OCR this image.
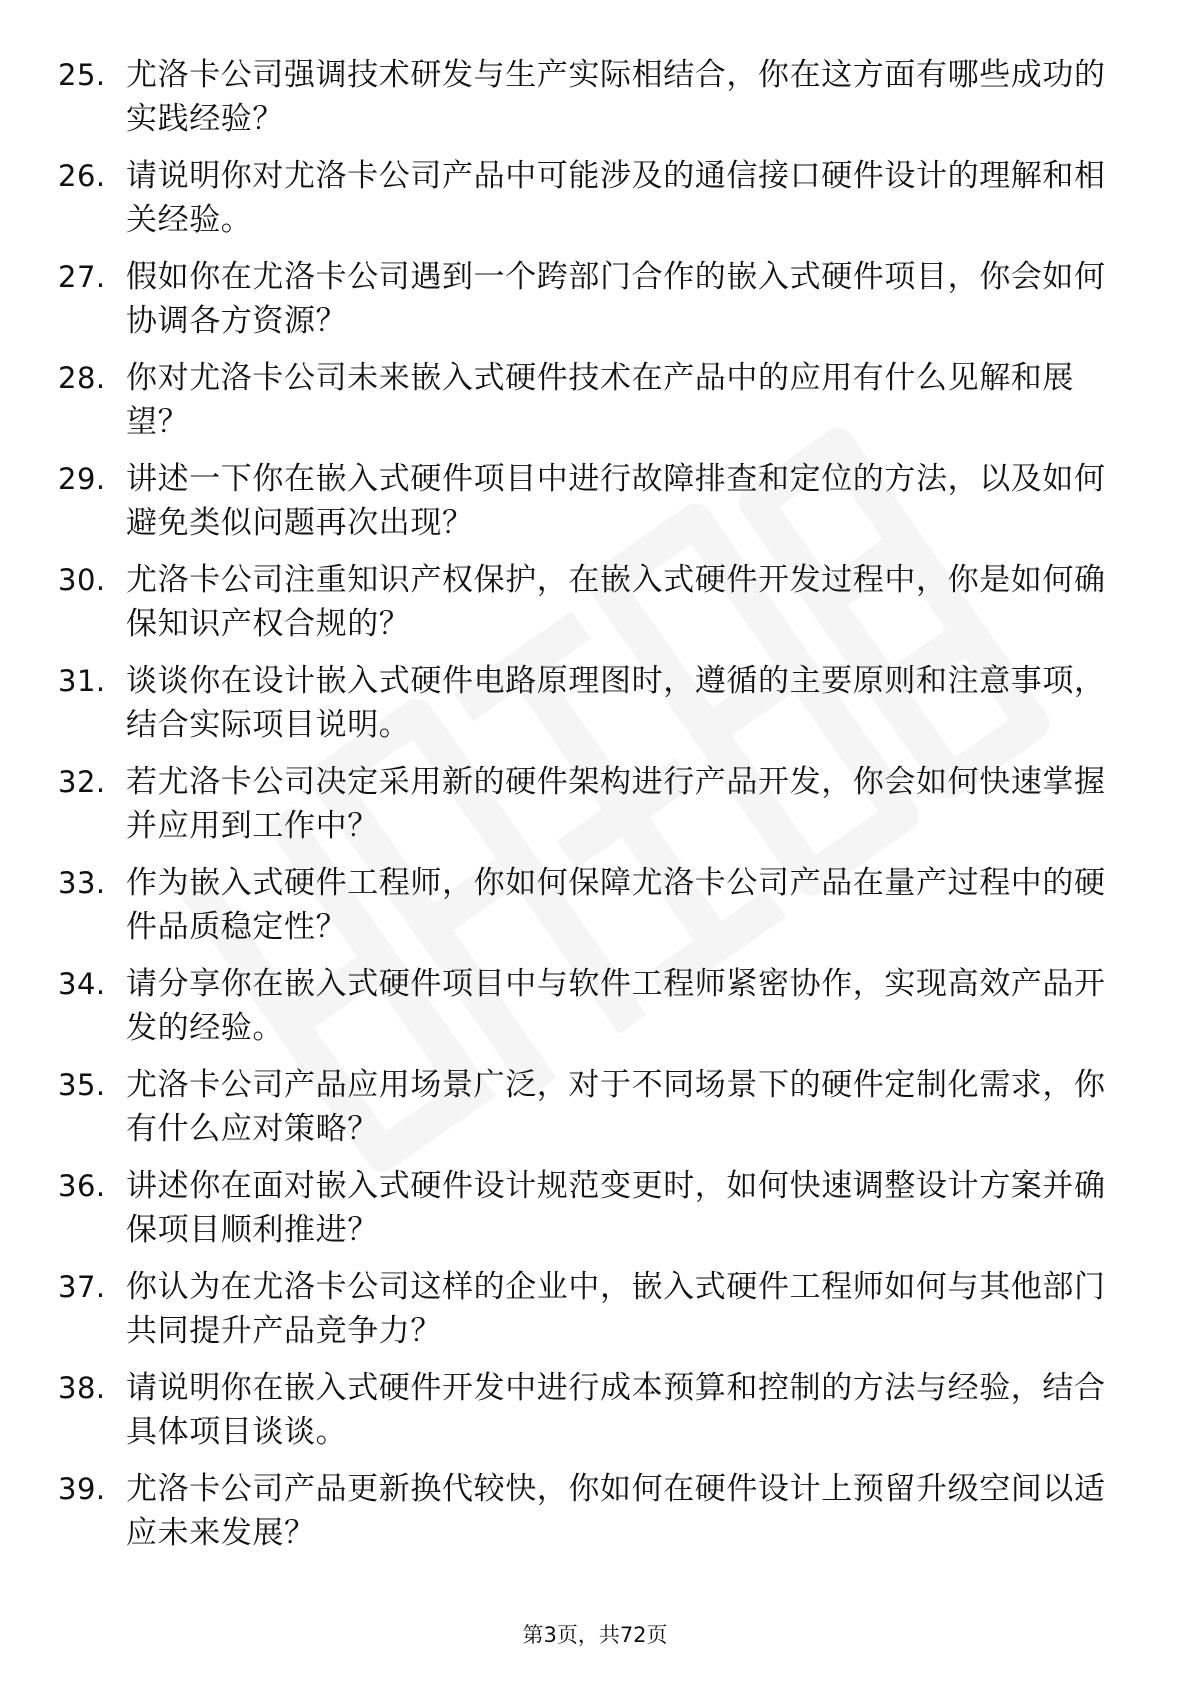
25. 尤洛卡公司强调技术研发与生产实际相结合，你在这方面有哪些成功的实践经验？
26. 请说明你对尤洛卡公司产品中可能涉及的通信接口硬件设计的理解和相关经验。
27. 假如你在尤洛卡公司遇到一个跨部门合作的嵌入式硬件项目，你会如何协调各方资源？
28. 你对尤洛卡公司未来嵌入式硬件技术在产品中的应用有什么见解和展望？
29. 讲述一下你在嵌入式硬件项目中进行故障排查和定位的方法，以及如何避免类似问题再次出现？
30. 尤洛卡公司注重知识产权保护，在嵌入式硬件开发过程中，你是如何确保知识产权合规的？
31. 谈谈你在设计嵌入式硬件电路原理图时，遵循的主要原则和注意事项，结合实际项目说明。
32. 若尤洛卡公司决定采用新的硬件架构进行产品开发，你会如何快速掌握并应用到工作中？
33. 作为嵌入式硬件工程师，你如何保障尤洛卡公司产品在量产过程中的硬件品质稳定性？
34. 请分享你在嵌入式硬件项目中与软件工程师紧密协作，实现高效产品开发的经验。
35. 尤洛卡公司产品应用场景广泛，对于不同场景下的硬件定制化需求，你有什么应对策略？
36. 讲述你在面对嵌入式硬件设计规范变更时，如何快速调整设计方案并确保项目顺利推进？
37. 你认为在尤洛卡公司这样的企业中，嵌入式硬件工程师如何与其他部门共同提升产品竞争力？
38. 请说明你在嵌入式硬件开发中进行成本预算和控制的方法与经验，结合具体项目谈谈。
39. 尤洛卡公司产品更新换代较快，你如何在硬件设计上预留升级空间以适应未来发展？
第3页，共72页
